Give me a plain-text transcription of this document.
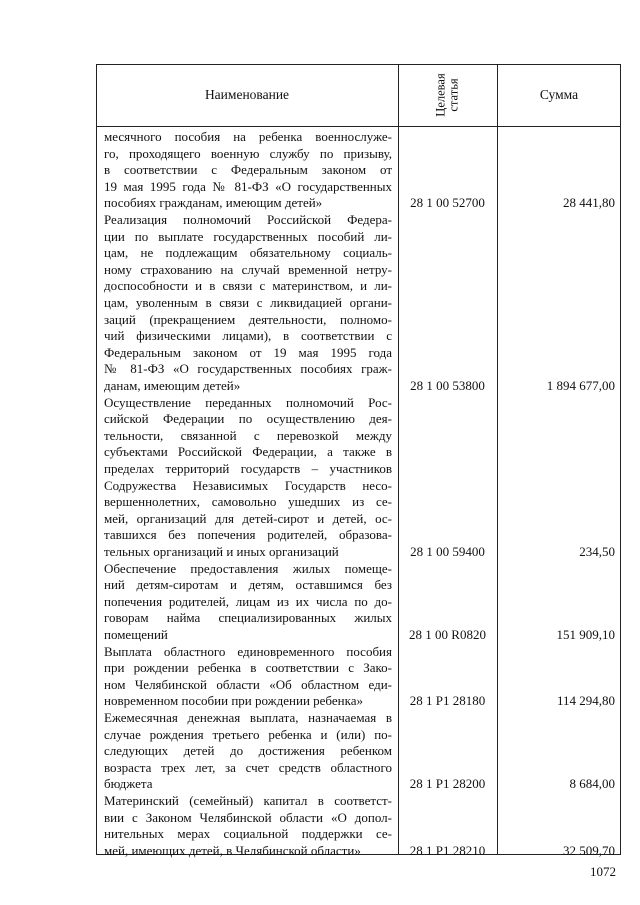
Наименование	Целевая статья	Сумма
месячного пособия на ребенка военнослуже-
го, проходящего военную службу по призыву,
в соответствии с Федеральным законом от
19 мая 1995 года № 81-ФЗ «О государственных
пособиях гражданам, имеющим детей»	28 1 00 52700	28 441,80
Реализация полномочий Российской Федера-
ции по выплате государственных пособий ли-
цам, не подлежащим обязательному социаль-
ному страхованию на случай временной нетру-
доспособности и в связи с материнством, и ли-
цам, уволенным в связи с ликвидацией органи-
заций (прекращением деятельности, полномо-
чий физическими лицами), в соответствии с
Федеральным законом от 19 мая 1995 года
№ 81-ФЗ «О государственных пособиях граж-
данам, имеющим детей»	28 1 00 53800	1 894 677,00
Осуществление переданных полномочий Рос-
сийской Федерации по осуществлению дея-
тельности, связанной с перевозкой между
субъектами Российской Федерации, а также в
пределах территорий государств – участников
Содружества Независимых Государств несо-
вершеннолетних, самовольно ушедших из се-
мей, организаций для детей-сирот и детей, ос-
тавшихся без попечения родителей, образова-
тельных организаций и иных организаций	28 1 00 59400	234,50
Обеспечение предоставления жилых помеще-
ний детям-сиротам и детям, оставшимся без
попечения родителей, лицам из их числа по до-
говорам найма специализированных жилых
помещений	28 1 00 R0820	151 909,10
Выплата областного единовременного пособия
при рождении ребенка в соответствии с Зако-
ном Челябинской области «Об областном еди-
новременном пособии при рождении ребенка»	28 1 P1 28180	114 294,80
Ежемесячная денежная выплата, назначаемая в
случае рождения третьего ребенка и (или) по-
следующих детей до достижения ребенком
возраста трех лет, за счет средств областного
бюджета	28 1 P1 28200	8 684,00
Материнский (семейный) капитал в соответст-
вии с Законом Челябинской области «О допол-
нительных мерах социальной поддержки се-
мей, имеющих детей, в Челябинской области»	28 1 P1 28210	32 509,70
1072
